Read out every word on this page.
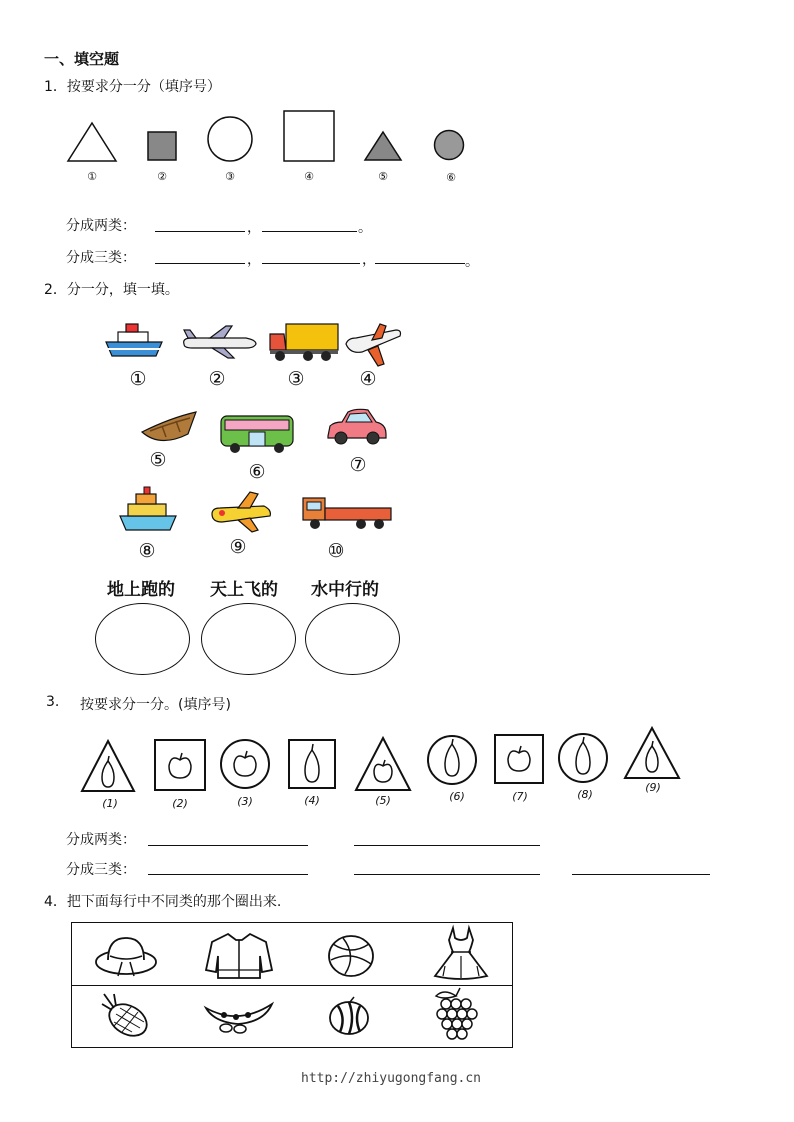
一、填空题
1．按要求分一分（填序号）
①	②	③	④	⑤	⑥
分成两类：	，	。
分成三类：	，	，	。
2．分一分，填一填。
①	②	③	④
⑤
⑥	⑦
⑧	⑨	⑩
地上跑的 天上飞的 水中行的
3. 按要求分一分。(填序号)
(1)	(2)	(3)	(4)	(5)	(6)	(7)	(8)
(9)
分成两类：
分成三类：
4．把下面每行中不同类的那个圈出来.
http://zhiyugongfang.cn
